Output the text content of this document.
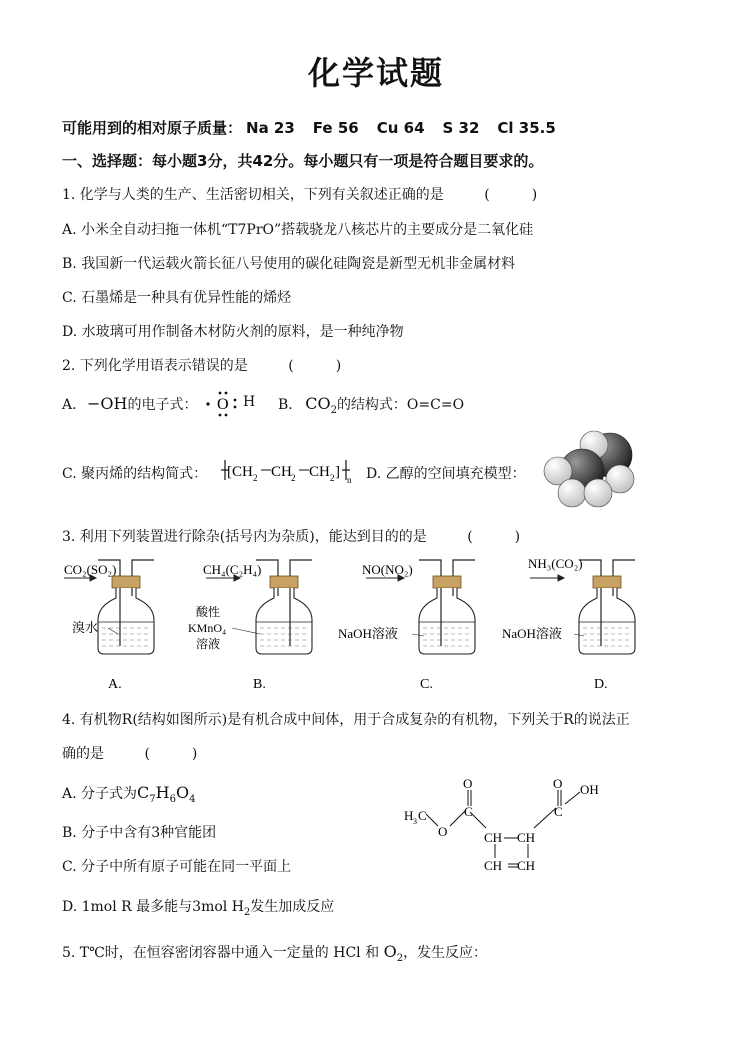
化学试题
可能用到的相对原子质量： Na 23 Fe 56 Cu 64 S 32 Cl 35.5
一、选择题：每小题3分，共42分。每小题只有一项是符合题目要求的。
1. 化学与人类的生产、生活密切相关，下列有关叙述正确的是	(　　　)
A. 小米全自动扫拖一体机“T7PrO”搭载骁龙八核芯片的主要成分是二氧化硅
B. 我国新一代运载火箭长征八号使用的碳化硅陶瓷是新型无机非金属材料
C. 石墨烯是一种具有优异性能的烯烃
D. 水玻璃可用作制备木材防火剂的原料，是一种纯净物
2. 下列化学用语表示错误的是	(　　　)
A. −OH的电子式： O H B. $CO_2$的结构式：O=C=O
C. 聚丙烯的结构简式： [CH 2 CH 2 CH 2 ] n D. 乙醇的空间填充模型：
3. 利用下列装置进行除杂(括号内为杂质)，能达到目的的是	(　　　)
CO₂(SO₂)	CH₄(C₂H₄)	NO(NO₂)	NH₃(CO₂)
溴水
酸性
KMnO₄
溶液
NaOH溶液	NaOH溶液
A.	B.	C.	D.
4. 有机物R(结构如图所示)是有机合成中间体，用于合成复杂的有机物，下列关于R的说法正
确的是	(　　　)
A. 分子式为$C_7H_6O_4$
B. 分子中含有3种官能团
C. 分子中所有原子可能在同一平面上
D. 1mol R 最多能与3mol $H_2$发生加成反应
H 3 C
O
O
C
CH CH
CH CH
O
C
OH
5. T℃时，在恒容密闭容器中通入一定量的 HCl 和 $O_2$，发生反应：
